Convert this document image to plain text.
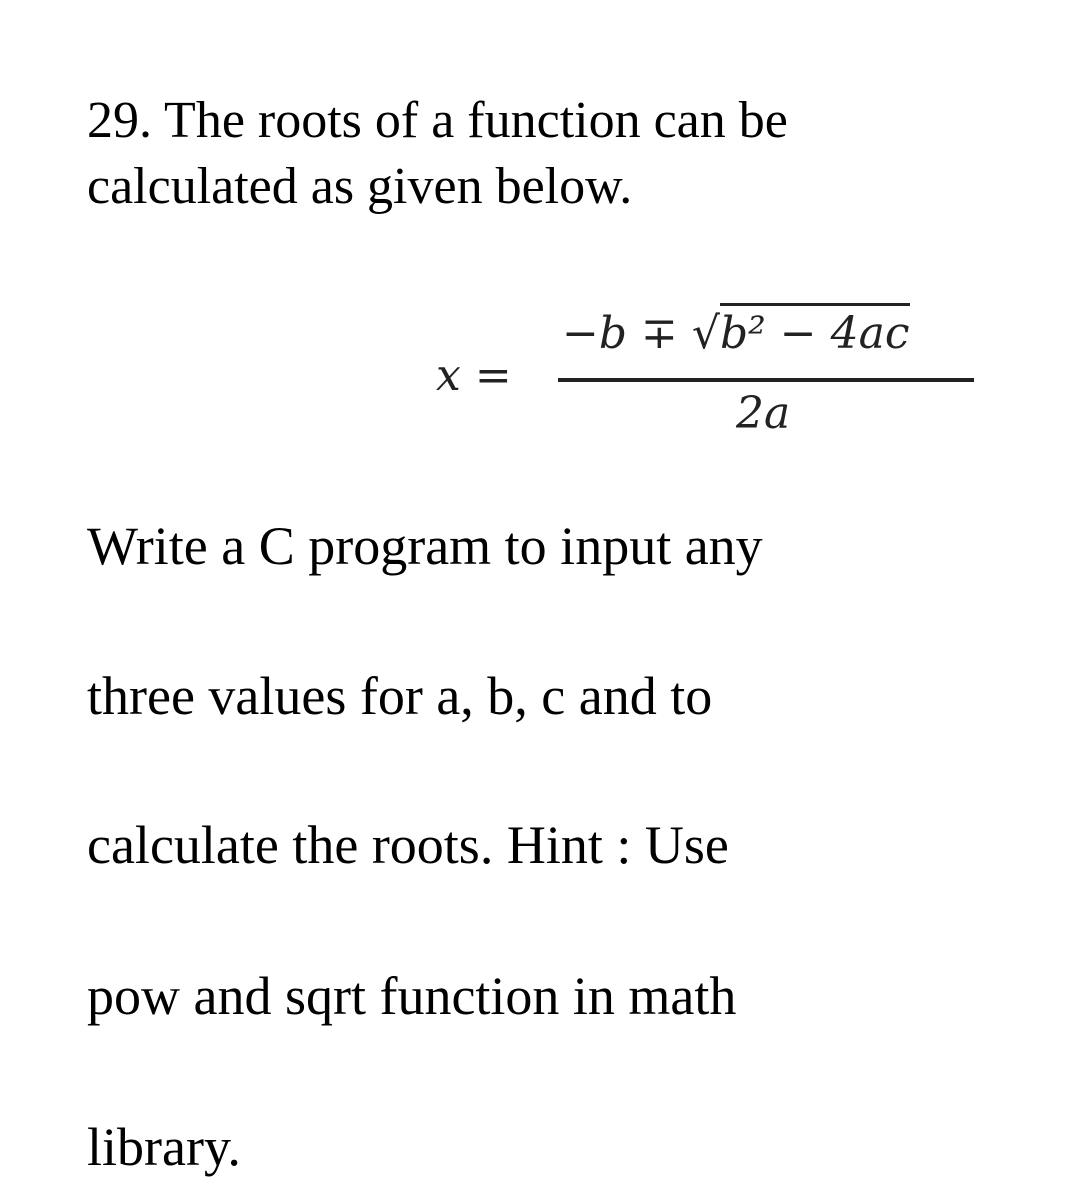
29. The roots of a function can be
calculated as given below.
x =
−b ∓ √b² − 4ac
2a
Write a C program to input any
three values for a, b, c and to
calculate the roots. Hint : Use
pow and sqrt function in math
library.
